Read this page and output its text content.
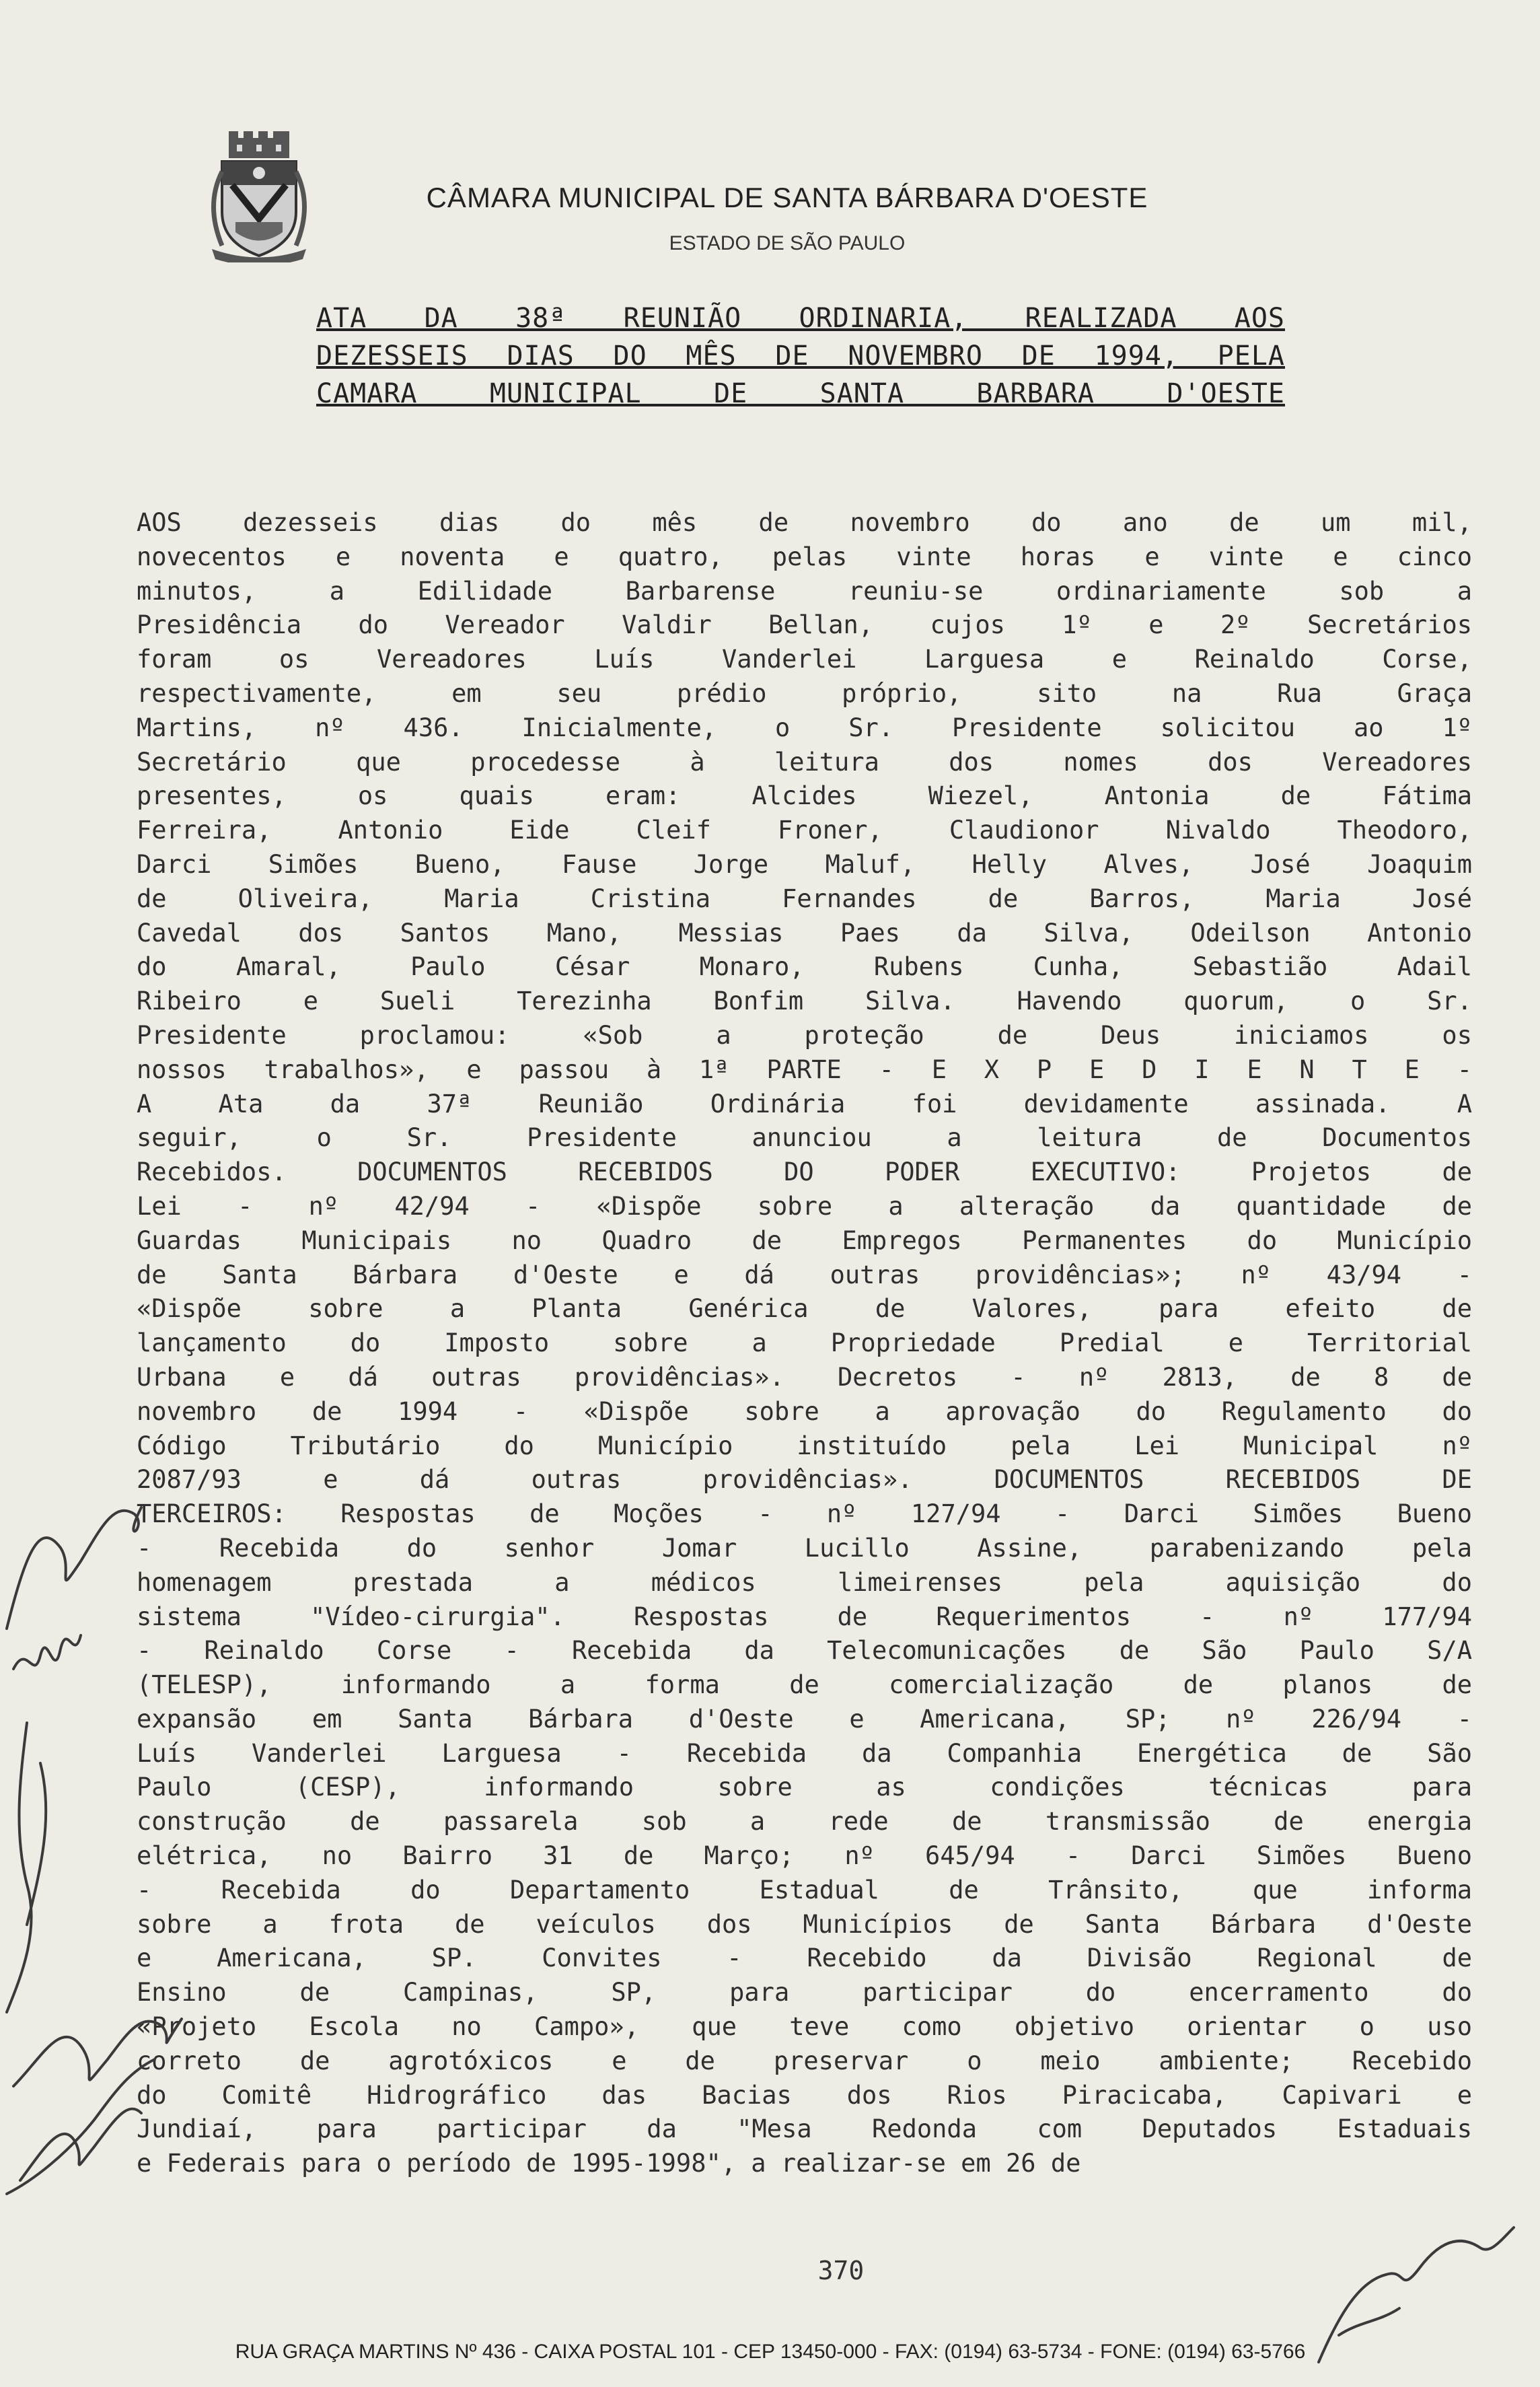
CÂMARA MUNICIPAL DE SANTA BÁRBARA D'OESTE
ESTADO DE SÃO PAULO
ATA DA 38ª REUNIÃO ORDINARIA, REALIZADA AOS
DEZESSEIS DIAS DO MÊS DE NOVEMBRO DE 1994, PELA
CAMARA MUNICIPAL DE SANTA BARBARA D'OESTE
AOS dezesseis dias do mês de novembro do ano de um mil,
novecentos e noventa e quatro, pelas vinte horas e vinte e cinco
minutos, a Edilidade Barbarense reuniu-se ordinariamente sob a
Presidência do Vereador Valdir Bellan, cujos 1º e 2º Secretários
foram os Vereadores Luís Vanderlei Larguesa e Reinaldo Corse,
respectivamente, em seu prédio próprio, sito na Rua Graça
Martins, nº 436. Inicialmente, o Sr. Presidente solicitou ao 1º
Secretário que procedesse à leitura dos nomes dos Vereadores
presentes, os quais eram: Alcides Wiezel, Antonia de Fátima
Ferreira, Antonio Eide Cleif Froner, Claudionor Nivaldo Theodoro,
Darci Simões Bueno, Fause Jorge Maluf, Helly Alves, José Joaquim
de Oliveira, Maria Cristina Fernandes de Barros, Maria José
Cavedal dos Santos Mano, Messias Paes da Silva, Odeilson Antonio
do Amaral, Paulo César Monaro, Rubens Cunha, Sebastião Adail
Ribeiro e Sueli Terezinha Bonfim Silva. Havendo quorum, o Sr.
Presidente proclamou: «Sob a proteção de Deus iniciamos os
nossos trabalhos», e passou à 1ª PARTE - E X P E D I E N T E -
A Ata da 37ª Reunião Ordinária foi devidamente assinada. A
seguir, o Sr. Presidente anunciou a leitura de Documentos
Recebidos. DOCUMENTOS RECEBIDOS DO PODER EXECUTIVO: Projetos de
Lei - nº 42/94 - «Dispõe sobre a alteração da quantidade de
Guardas Municipais no Quadro de Empregos Permanentes do Município
de Santa Bárbara d'Oeste e dá outras providências»; nº 43/94 -
«Dispõe sobre a Planta Genérica de Valores, para efeito de
lançamento do Imposto sobre a Propriedade Predial e Territorial
Urbana e dá outras providências». Decretos - nº 2813, de 8 de
novembro de 1994 - «Dispõe sobre a aprovação do Regulamento do
Código Tributário do Município instituído pela Lei Municipal nº
2087/93 e dá outras providências». DOCUMENTOS RECEBIDOS DE
TERCEIROS: Respostas de Moções - nº 127/94 - Darci Simões Bueno
- Recebida do senhor Jomar Lucillo Assine, parabenizando pela
homenagem prestada a médicos limeirenses pela aquisição do
sistema "Vídeo-cirurgia". Respostas de Requerimentos - nº 177/94
- Reinaldo Corse - Recebida da Telecomunicações de São Paulo S/A
(TELESP), informando a forma de comercialização de planos de
expansão em Santa Bárbara d'Oeste e Americana, SP; nº 226/94 -
Luís Vanderlei Larguesa - Recebida da Companhia Energética de São
Paulo (CESP), informando sobre as condições técnicas para
construção de passarela sob a rede de transmissão de energia
elétrica, no Bairro 31 de Março; nº 645/94 - Darci Simões Bueno
- Recebida do Departamento Estadual de Trânsito, que informa
sobre a frota de veículos dos Municípios de Santa Bárbara d'Oeste
e Americana, SP. Convites - Recebido da Divisão Regional de
Ensino de Campinas, SP, para participar do encerramento do
«Projeto Escola no Campo», que teve como objetivo orientar o uso
correto de agrotóxicos e de preservar o meio ambiente; Recebido
do Comitê Hidrográfico das Bacias dos Rios Piracicaba, Capivari e
Jundiaí, para participar da "Mesa Redonda com Deputados Estaduais
e Federais para o período de 1995-1998", a realizar-se em 26 de
370
RUA GRAÇA MARTINS Nº 436 - CAIXA POSTAL 101 - CEP 13450-000 - FAX: (0194) 63-5734 - FONE: (0194) 63-5766
